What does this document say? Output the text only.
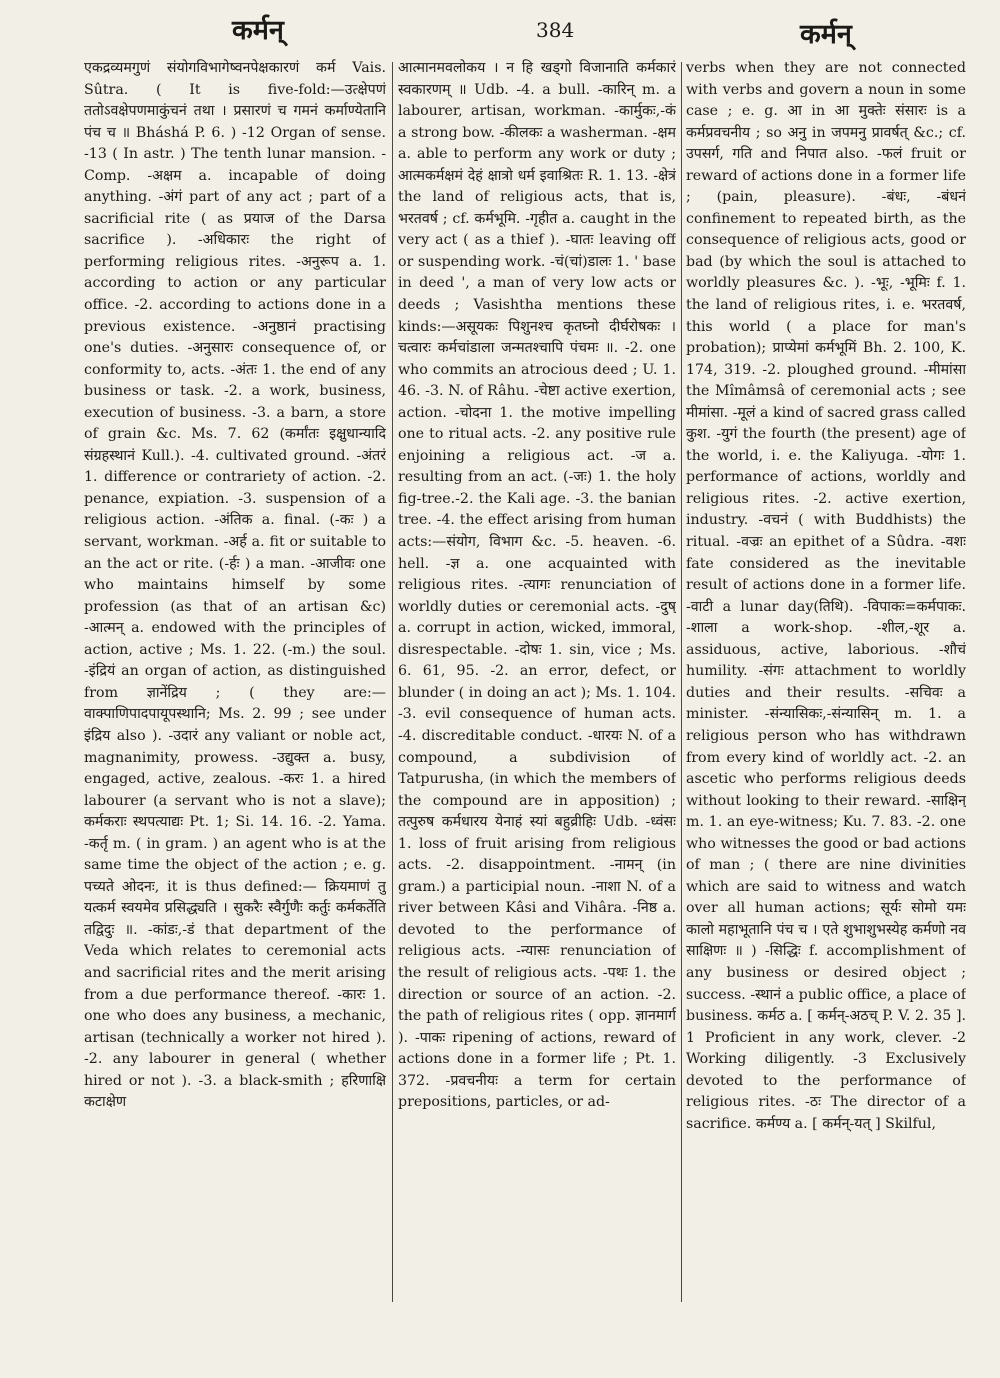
कर्मन्	384	कर्मन्

एकद्रव्यमगुणं संयोगविभागेष्वनपेक्षकारणं कर्म Vais. Sûtra. ( It is five-fold:—उत्क्षेपणं ततोऽवक्षेपणमाकुंचनं तथा । प्रसारणं च गमनं कर्माण्येतानि पंच च ॥ Bháshá P. 6. ) -12 Organ of sense. -13 ( In astr. ) The tenth lunar mansion. -Comp. -अक्षम a. incapable of doing anything. -अंगं part of any act ; part of a sacrificial rite ( as प्रयाज of the Darsa sacrifice ). -अधिकारः the right of performing religious rites. -अनुरूप a. 1. according to action or any particular office. -2. according to actions done in a previous existence. -अनुष्ठानं practising one's duties. -अनुसारः consequence of, or conformity to, acts. -अंतः 1. the end of any business or task. -2. a work, business, execution of business. -3. a barn, a store of grain &c. Ms. 7. 62 (कर्मांतः इक्षुधान्यादि संग्रहस्थानं Kull.). -4. cultivated ground. -अंतरं 1. difference or contrariety of action. -2. penance, expiation. -3. suspension of a religious action. -अंतिक a. final. (-कः ) a servant, workman. -अर्ह a. fit or suitable to an the act or rite. (-र्हः ) a man. -आजीवः one who maintains himself by some profession (as that of an artisan &c) -आत्मन् a. endowed with the principles of action, active ; Ms. 1. 22. (-m.) the soul. -इंद्रियं an organ of action, as distinguished from ज्ञानेंद्रिय ; ( they are:—वाक्पाणिपादपायूपस्थानि; Ms. 2. 99 ; see under इंद्रिय also ). -उदारं any valiant or noble act, magnanimity, prowess. -उद्युक्त a. busy, engaged, active, zealous. -करः 1. a hired labourer (a servant who is not a slave); कर्मकराः स्थपत्याद्यः Pt. 1; Si. 14. 16. -2. Yama. -कर्तृ m. ( in gram. ) an agent who is at the same time the object of the action ; e. g. पच्यते ओदनः, it is thus defined:— क्रियमाणं तु यत्कर्म स्वयमेव प्रसिद्ध्यति । सुकरैः स्वैर्गुणैः कर्तुः कर्मकर्तेति तद्विदुः ॥. -कांडः,-डं that department of the Veda which relates to ceremonial acts and sacrificial rites and the merit arising from a due performance thereof. -कारः 1. one who does any business, a mechanic, artisan (technically a worker not hired ). -2. any labourer in general ( whether hired or not ). -3. a black-smith ; हरिणाक्षि कटाक्षेण

आत्मानमवलोकय । न हि खड्गो विजानाति कर्मकारं स्वकारणम् ॥ Udb. -4. a bull. -कारिन् m. a labourer, artisan, workman. -कार्मुकः,-कं a strong bow. -कीलकः a washerman. -क्षम a. able to perform any work or duty ; आत्मकर्मक्षमं देहं क्षात्रो धर्म इवाश्रितः R. 1. 13. -क्षेत्रं the land of religious acts, that is, भरतवर्ष ; cf. कर्मभूमि. -गृहीत a. caught in the very act ( as a thief ). -घातः leaving off or suspending work. -चं(चां)डालः 1. ' base in deed ', a man of very low acts or deeds ; Vasishtha mentions these kinds:—असूयकः पिशुनश्च कृतघ्नो दीर्घरोषकः । चत्वारः कर्मचांडाला जन्मतश्चापि पंचमः ॥. -2. one who commits an atrocious deed ; U. 1. 46. -3. N. of Râhu. -चेष्टा active exertion, action. -चोदना 1. the motive impelling one to ritual acts. -2. any positive rule enjoining a religious act. -ज a. resulting from an act. (-जः) 1. the holy fig-tree.-2. the Kali age. -3. the banian tree. -4. the effect arising from human acts:—संयोग, विभाग &c. -5. heaven. -6. hell. -ज्ञ a. one acquainted with religious rites. -त्यागः renunciation of worldly duties or ceremonial acts. -दुष् a. corrupt in action, wicked, immoral, disrespectable. -दोषः 1. sin, vice ; Ms. 6. 61, 95. -2. an error, defect, or blunder ( in doing an act ); Ms. 1. 104. -3. evil consequence of human acts. -4. discreditable conduct. -धारयः N. of a compound, a subdivision of Tatpurusha, (in which the members of the compound are in apposition) ; तत्पुरुष कर्मधारय येनाहं स्यां बहुव्रीहिः Udb. -ध्वंसः 1. loss of fruit arising from religious acts. -2. disappointment. -नामन् (in gram.) a participial noun. -नाशा N. of a river between Kâsi and Vihâra. -निष्ठ a. devoted to the performance of religious acts. -न्यासः renunciation of the result of religious acts. -पथः 1. the direction or source of an action. -2. the path of religious rites ( opp. ज्ञानमार्ग ). -पाकः ripening of actions, reward of actions done in a former life ; Pt. 1. 372. -प्रवचनीयः a term for certain prepositions, particles, or ad-

verbs when they are not connected with verbs and govern a noun in some case ; e. g. आ in आ मुक्तेः संसारः is a कर्मप्रवचनीय ; so अनु in जपमनु प्रावर्षत् &c.; cf. उपसर्ग, गति and निपात also. -फलं fruit or reward of actions done in a former life ; (pain, pleasure). -बंधः, -बंधनं confinement to repeated birth, as the consequence of religious acts, good or bad (by which the soul is attached to worldly pleasures &c. ). -भूः, -भूमिः f. 1. the land of religious rites, i. e. भरतवर्ष, this world ( a place for man's probation); प्राप्येमां कर्मभूमिं Bh. 2. 100, K. 174, 319. -2. ploughed ground. -मीमांसा the Mîmâmsâ of ceremonial acts ; see मीमांसा. -मूलं a kind of sacred grass called कुश. -युगं the fourth (the present) age of the world, i. e. the Kaliyuga. -योगः 1. performance of actions, worldly and religious rites. -2. active exertion, industry. -वचनं ( with Buddhists) the ritual. -वज्रः an epithet of a Sûdra. -वशः fate considered as the inevitable result of actions done in a former life. -वाटी a lunar day(तिथि). -विपाकः=कर्मपाकः. -शाला a work-shop. -शील,-शूर a. assiduous, active, laborious. -शौचं humility. -संगः attachment to worldly duties and their results. -सचिवः a minister. -संन्यासिकः,-संन्यासिन् m. 1. a religious person who has withdrawn from every kind of worldly act. -2. an ascetic who performs religious deeds without looking to their reward. -साक्षिन् m. 1. an eye-witness; Ku. 7. 83. -2. one who witnesses the good or bad actions of man ; ( there are nine divinities which are said to witness and watch over all human actions; सूर्यः सोमो यमः कालो महाभूतानि पंच च । एते शुभाशुभस्येह कर्मणो नव साक्षिणः ॥ ) -सिद्धिः f. accomplishment of any business or desired object ; success. -स्थानं a public office, a place of business. कर्मठ a. [ कर्मन्-अठच् P. V. 2. 35 ]. 1 Proficient in any work, clever. -2 Working diligently. -3 Exclusively devoted to the performance of religious rites. -ठः The director of a sacrifice. कर्मण्य a. [ कर्मन्-यत् ] Skilful,
